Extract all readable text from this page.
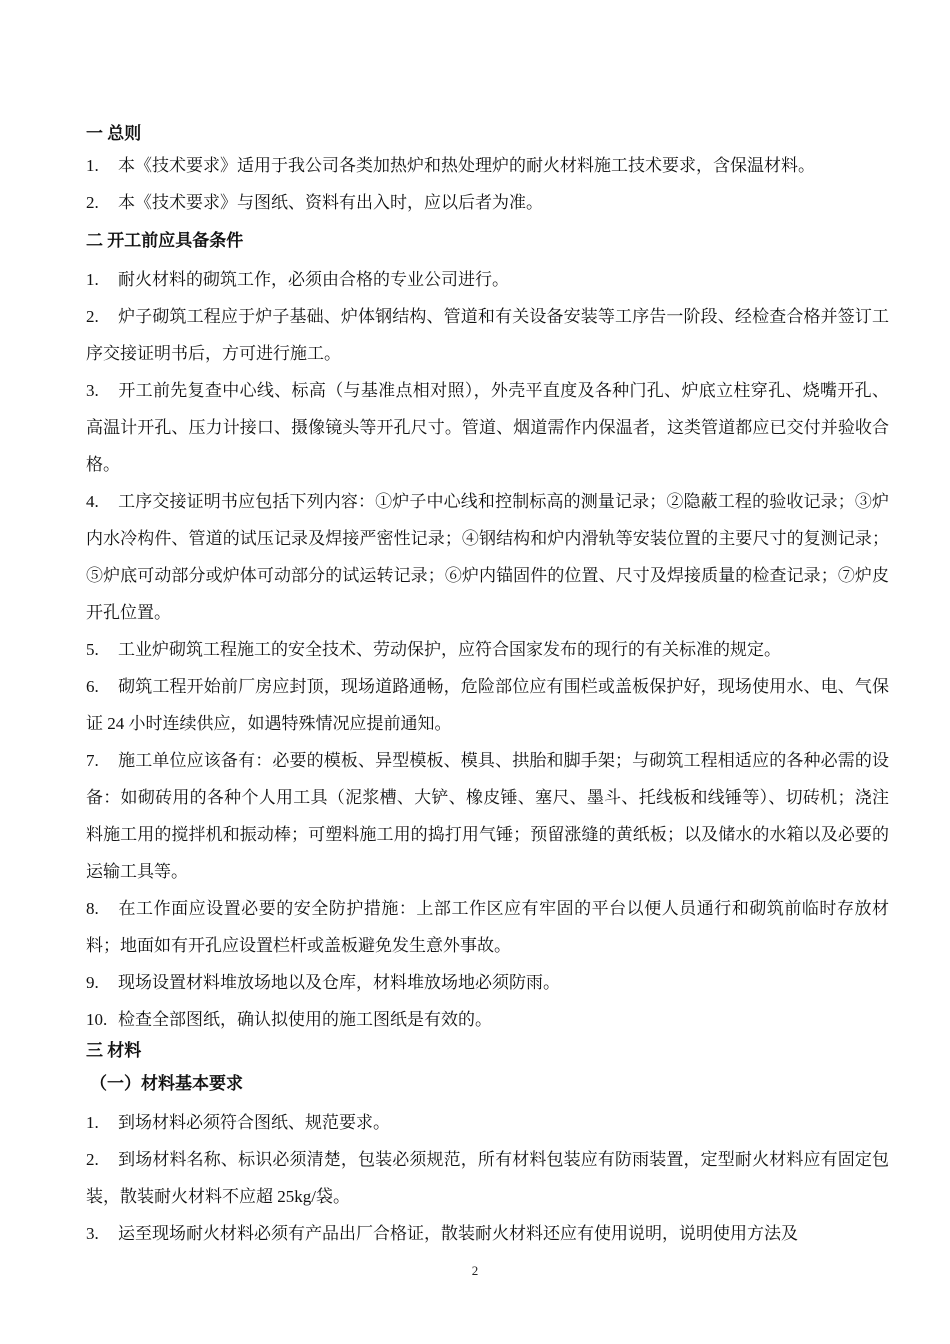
一 总则

1. 本《技术要求》适用于我公司各类加热炉和热处理炉的耐火材料施工技术要求，含保温材料。

2. 本《技术要求》与图纸、资料有出入时，应以后者为准。

二 开工前应具备条件

1. 耐火材料的砌筑工作，必须由合格的专业公司进行。

2. 炉子砌筑工程应于炉子基础、炉体钢结构、管道和有关设备安装等工序告一阶段、经检查合格并签订工序交接证明书后，方可进行施工。

3. 开工前先复查中心线、标高（与基准点相对照），外壳平直度及各种门孔、炉底立柱穿孔、烧嘴开孔、高温计开孔、压力计接口、摄像镜头等开孔尺寸。管道、烟道需作内保温者，这类管道都应已交付并验收合格。

4. 工序交接证明书应包括下列内容：①炉子中心线和控制标高的测量记录；②隐蔽工程的验收记录；③炉内水冷构件、管道的试压记录及焊接严密性记录；④钢结构和炉内滑轨等安装位置的主要尺寸的复测记录；⑤炉底可动部分或炉体可动部分的试运转记录；⑥炉内锚固件的位置、尺寸及焊接质量的检查记录；⑦炉皮开孔位置。

5. 工业炉砌筑工程施工的安全技术、劳动保护，应符合国家发布的现行的有关标准的规定。

6. 砌筑工程开始前厂房应封顶，现场道路通畅，危险部位应有围栏或盖板保护好，现场使用水、电、气保证 24 小时连续供应，如遇特殊情况应提前通知。

7. 施工单位应该备有：必要的模板、异型模板、模具、拱胎和脚手架；与砌筑工程相适应的各种必需的设备：如砌砖用的各种个人用工具（泥浆槽、大铲、橡皮锤、塞尺、墨斗、托线板和线锤等）、切砖机；浇注料施工用的搅拌机和振动棒；可塑料施工用的捣打用气锤；预留涨缝的黄纸板；以及储水的水箱以及必要的运输工具等。

8. 在工作面应设置必要的安全防护措施：上部工作区应有牢固的平台以便人员通行和砌筑前临时存放材料；地面如有开孔应设置栏杆或盖板避免发生意外事故。

9. 现场设置材料堆放场地以及仓库，材料堆放场地必须防雨。

10. 检查全部图纸，确认拟使用的施工图纸是有效的。

三 材料
（一）材料基本要求

1. 到场材料必须符合图纸、规范要求。

2. 到场材料名称、标识必须清楚，包装必须规范，所有材料包装应有防雨装置，定型耐火材料应有固定包装，散装耐火材料不应超 25kg/袋。

3. 运至现场耐火材料必须有产品出厂合格证，散装耐火材料还应有使用说明，说明使用方法及

2
